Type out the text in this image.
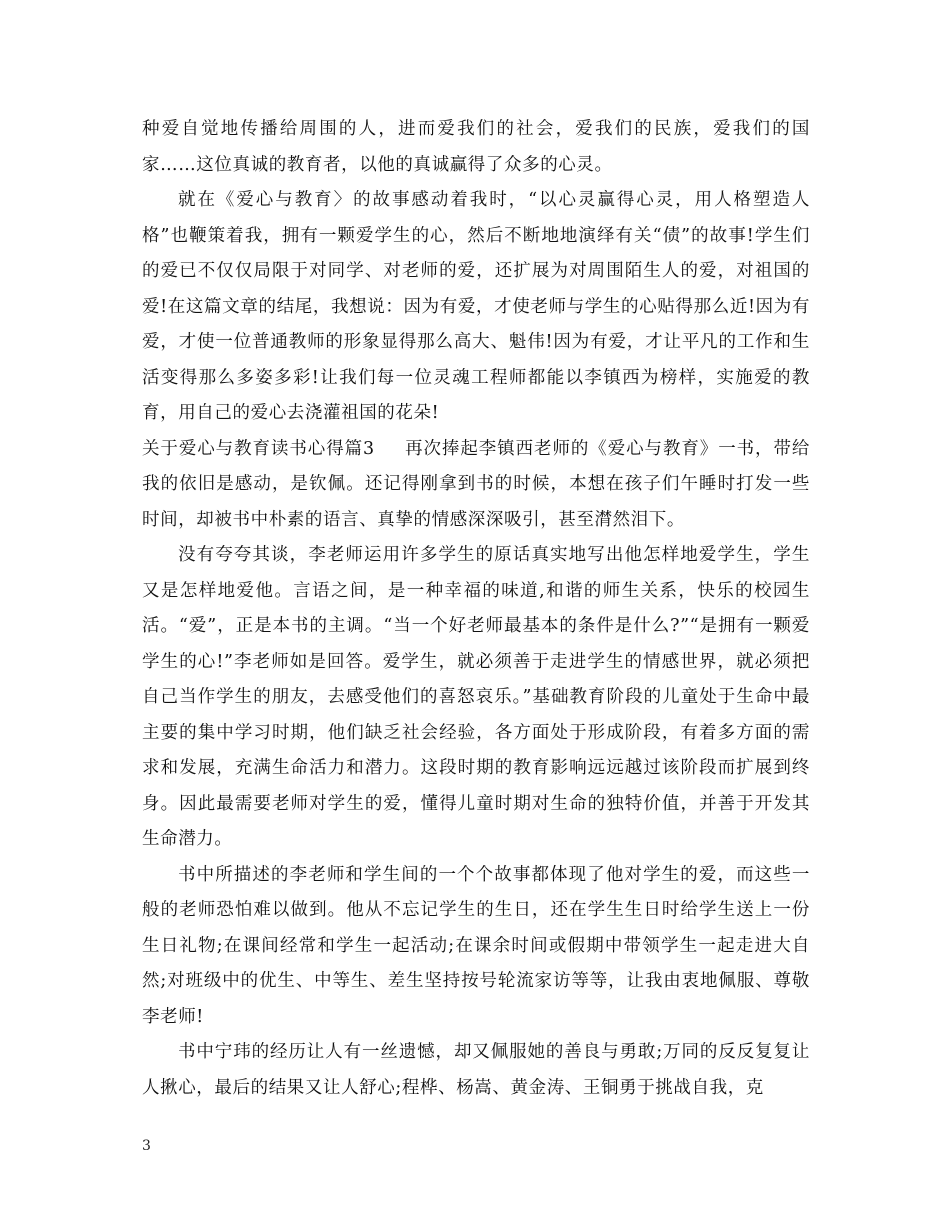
种爱自觉地传播给周围的人，进而爱我们的社会，爱我们的民族，爱我们的国家……这位真诚的教育者，以他的真诚赢得了众多的心灵。

就在《爱心与教育〉的故事感动着我时，“以心灵赢得心灵，用人格塑造人格”也鞭策着我，拥有一颗爱学生的心，然后不断地地演绎有关“债”的故事!学生们的爱已不仅仅局限于对同学、对老师的爱，还扩展为对周围陌生人的爱，对祖国的爱!在这篇文章的结尾，我想说：因为有爱，才使老师与学生的心贴得那么近!因为有爱，才使一位普通教师的形象显得那么高大、魁伟!因为有爱，才让平凡的工作和生活变得那么多姿多彩!让我们每一位灵魂工程师都能以李镇西为榜样，实施爱的教育，用自己的爱心去浇灌祖国的花朵!

关于爱心与教育读书心得篇3 再次捧起李镇西老师的《爱心与教育》一书，带给我的依旧是感动，是钦佩。还记得刚拿到书的时候，本想在孩子们午睡时打发一些时间，却被书中朴素的语言、真挚的情感深深吸引，甚至潸然泪下。

没有夸夸其谈，李老师运用许多学生的原话真实地写出他怎样地爱学生，学生又是怎样地爱他。言语之间，是一种幸福的味道,和谐的师生关系，快乐的校园生活。“爱”，正是本书的主调。“当一个好老师最基本的条件是什么?”“是拥有一颗爱学生的心!”李老师如是回答。爱学生，就必须善于走进学生的情感世界，就必须把自己当作学生的朋友，去感受他们的喜怒哀乐。”基础教育阶段的儿童处于生命中最主要的集中学习时期，他们缺乏社会经验，各方面处于形成阶段，有着多方面的需求和发展，充满生命活力和潜力。这段时期的教育影响远远越过该阶段而扩展到终身。因此最需要老师对学生的爱，懂得儿童时期对生命的独特价值，并善于开发其生命潜力。

书中所描述的李老师和学生间的一个个故事都体现了他对学生的爱，而这些一般的老师恐怕难以做到。他从不忘记学生的生日，还在学生生日时给学生送上一份生日礼物;在课间经常和学生一起活动;在课余时间或假期中带领学生一起走进大自然;对班级中的优生、中等生、差生坚持按号轮流家访等等，让我由衷地佩服、尊敬李老师!

书中宁玮的经历让人有一丝遗憾，却又佩服她的善良与勇敢;万同的反反复复让人揪心，最后的结果又让人舒心;程桦、杨嵩、黄金涛、王铜勇于挑战自我，克

3
